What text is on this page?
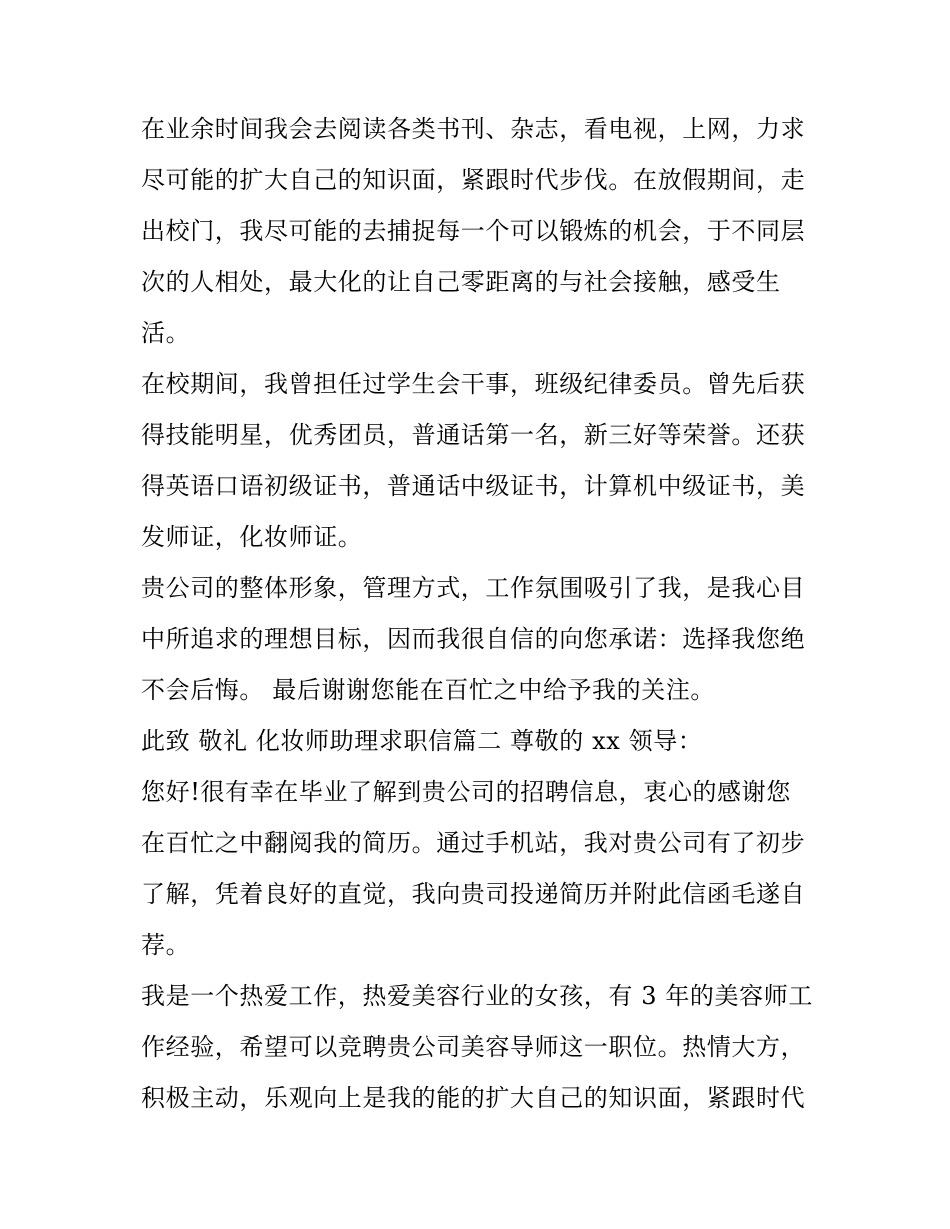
在业余时间我会去阅读各类书刊、杂志，看电视，上网，力求
尽可能的扩大自己的知识面，紧跟时代步伐。在放假期间，走
出校门，我尽可能的去捕捉每一个可以锻炼的机会，于不同层
次的人相处，最大化的让自己零距离的与社会接触，感受生
活。
在校期间，我曾担任过学生会干事，班级纪律委员。曾先后获
得技能明星，优秀团员，普通话第一名，新三好等荣誉。还获
得英语口语初级证书，普通话中级证书，计算机中级证书，美
发师证，化妆师证。
贵公司的整体形象，管理方式，工作氛围吸引了我，是我心目
中所追求的理想目标，因而我很自信的向您承诺：选择我您绝
不会后悔。 最后谢谢您能在百忙之中给予我的关注。
此致 敬礼 化妆师助理求职信篇二 尊敬的 xx 领导：
您好!很有幸在毕业了解到贵公司的招聘信息，衷心的感谢您
在百忙之中翻阅我的简历。通过手机站，我对贵公司有了初步
了解，凭着良好的直觉，我向贵司投递简历并附此信函毛遂自
荐。
我是一个热爱工作，热爱美容行业的女孩，有 3 年的美容师工
作经验，希望可以竞聘贵公司美容导师这一职位。热情大方，
积极主动，乐观向上是我的能的扩大自己的知识面，紧跟时代
